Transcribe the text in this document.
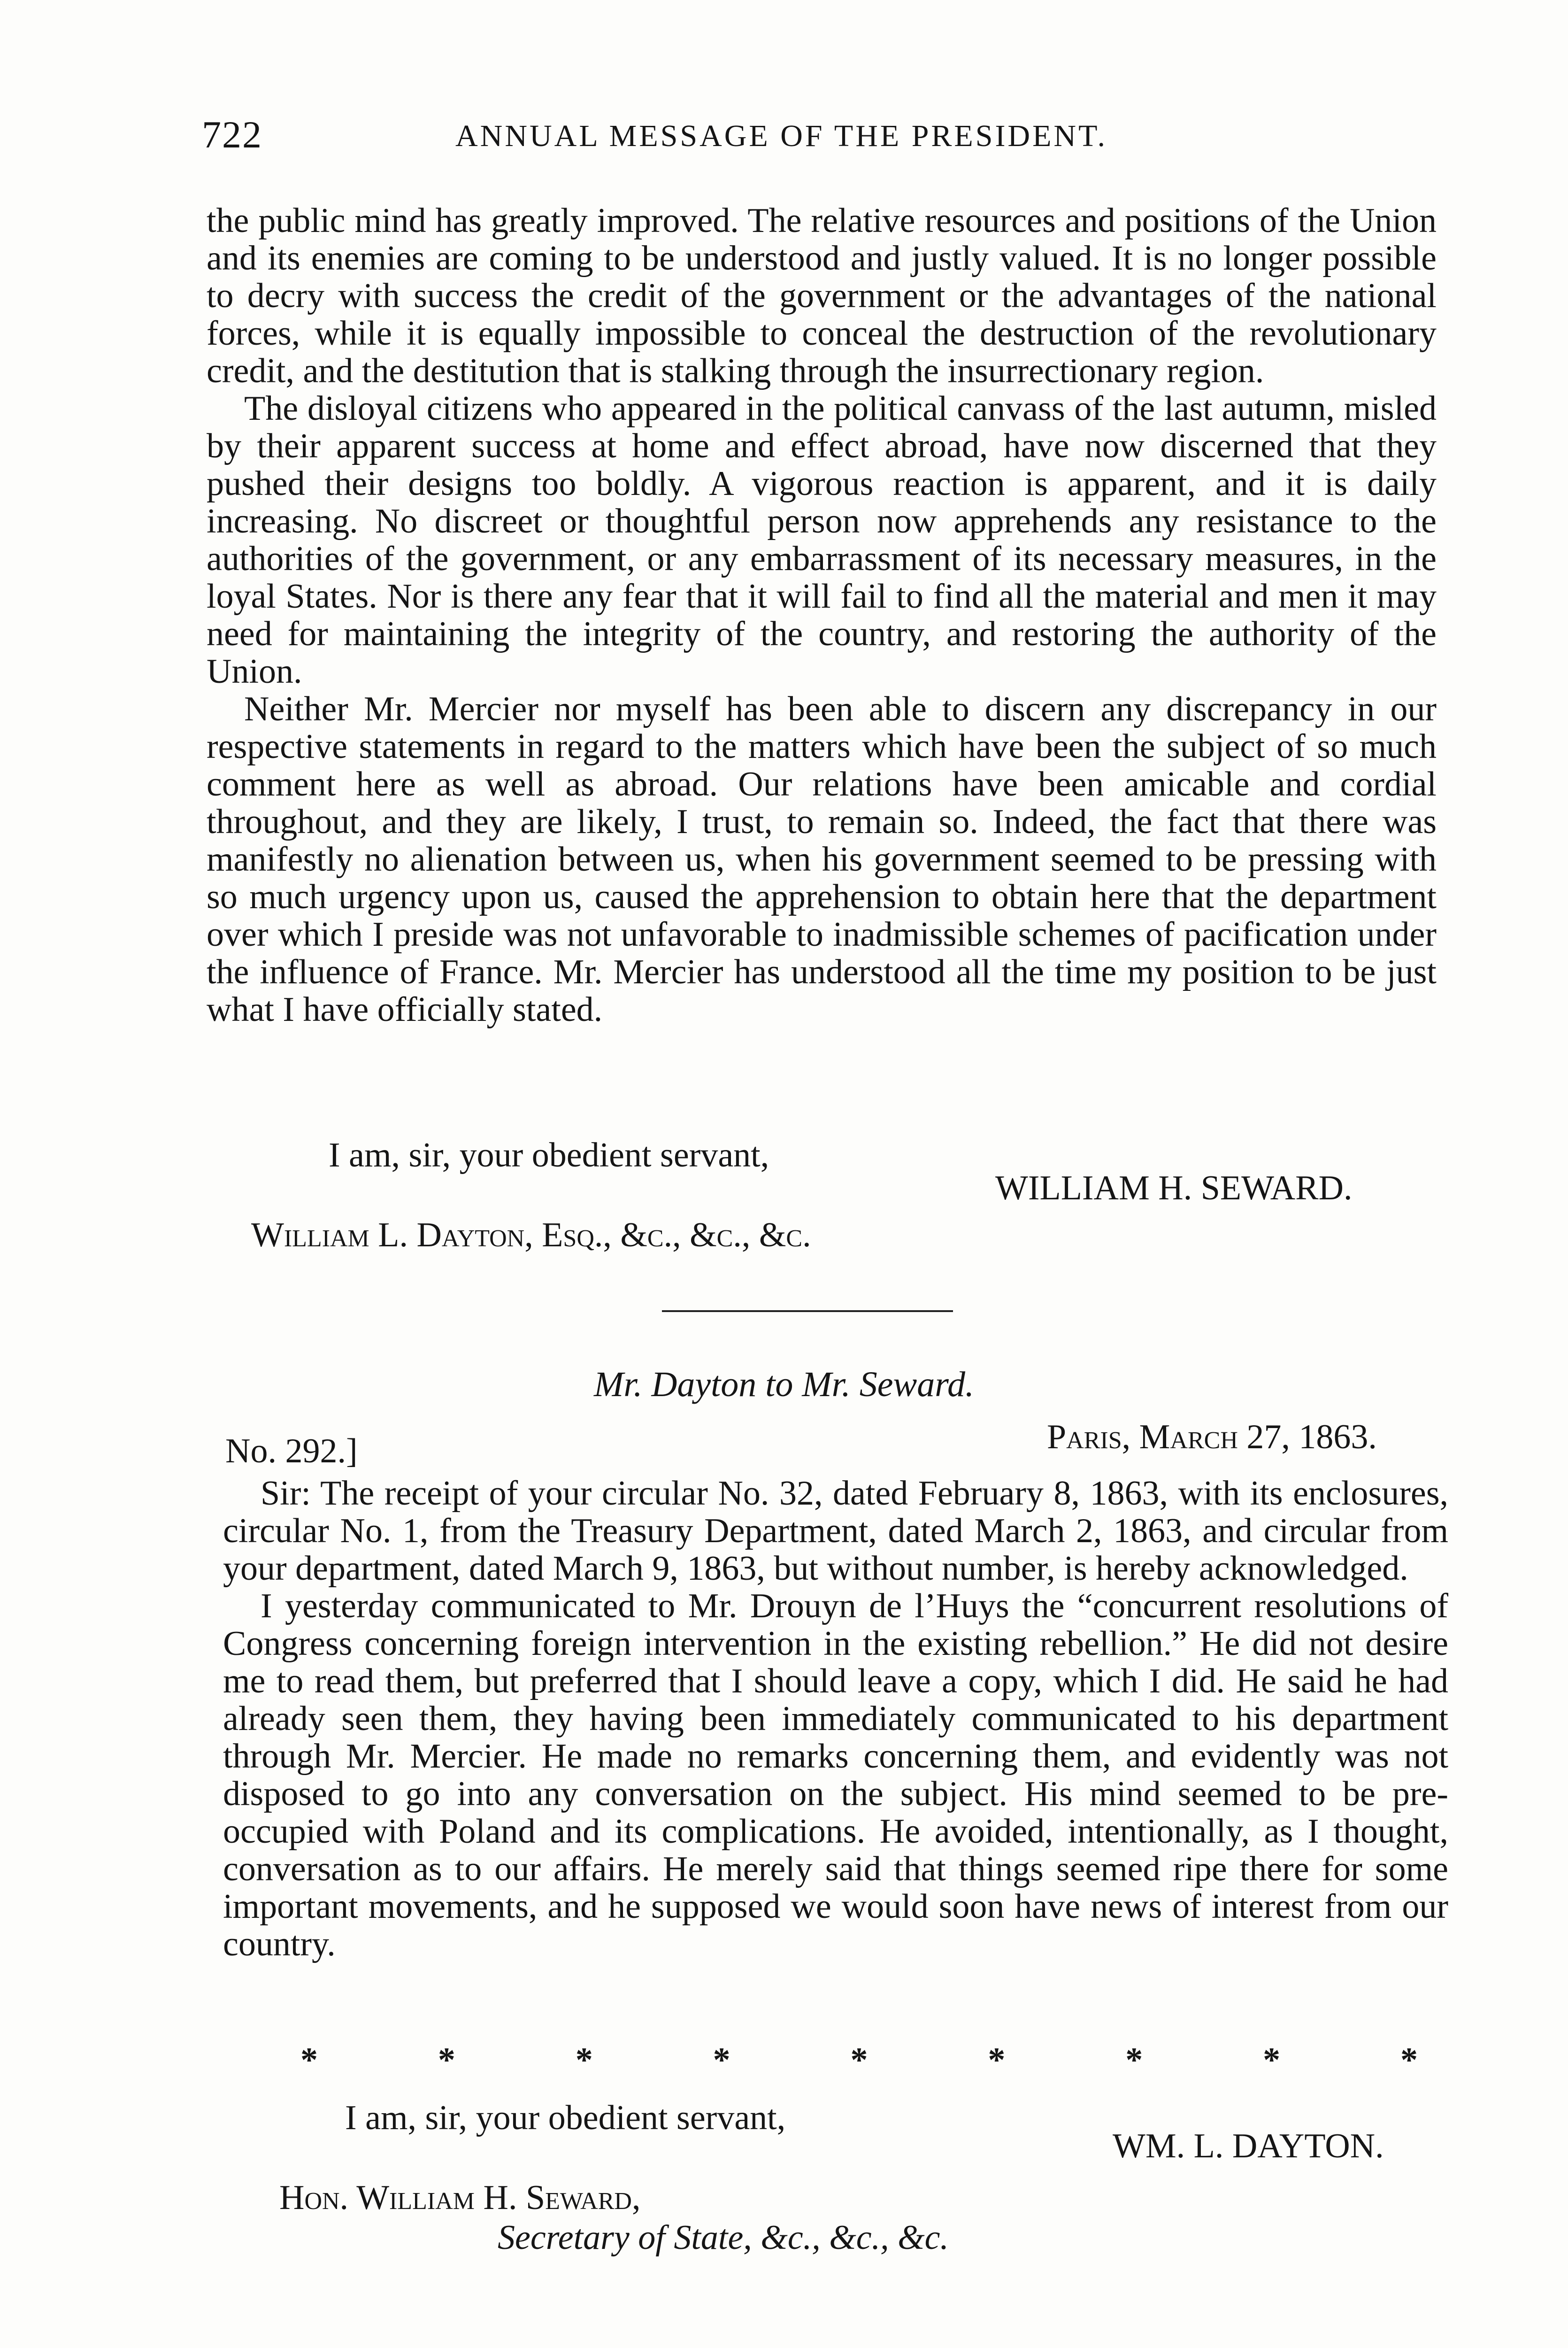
722	ANNUAL MESSAGE OF THE PRESIDENT.

the public mind has greatly improved. The relative resources and positions of the Union and its enemies are coming to be understood and justly valued. It is no longer possible to decry with success the credit of the government or the advantages of the national forces, while it is equally impossible to conceal the destruction of the revolutionary credit, and the destitution that is stalking through the insurrectionary region.

The disloyal citizens who appeared in the political canvass of the last autumn, misled by their apparent success at home and effect abroad, have now discerned that they pushed their designs too boldly. A vigorous reaction is apparent, and it is daily increasing. No discreet or thoughtful person now apprehends any resistance to the authorities of the government, or any embarrassment of its necessary measures, in the loyal States. Nor is there any fear that it will fail to find all the material and men it may need for maintaining the integrity of the country, and restoring the authority of the Union.

Neither Mr. Mercier nor myself has been able to discern any discrepancy in our respective statements in regard to the matters which have been the subject of so much comment here as well as abroad. Our relations have been amicable and cordial throughout, and they are likely, I trust, to remain so. Indeed, the fact that there was manifestly no alienation between us, when his government seemed to be pressing with so much urgency upon us, caused the apprehension to obtain here that the department over which I preside was not unfavorable to inadmissible schemes of pacification under the influence of France. Mr. Mercier has understood all the time my position to be just what I have officially stated.

I am, sir, your obedient servant,
WILLIAM H. SEWARD.
William L. Dayton, Esq., &c., &c., &c.
Mr. Dayton to Mr. Seward.
No. 292.]	Paris, March 27, 1863.

Sir: The receipt of your circular No. 32, dated February 8, 1863, with its enclosures, circular No. 1, from the Treasury Department, dated March 2, 1863, and circular from your department, dated March 9, 1863, but without number, is hereby acknowledged.

I yesterday communicated to Mr. Drouyn de l’Huys the “concurrent resolutions of Congress concerning foreign intervention in the existing rebellion.” He did not desire me to read them, but preferred that I should leave a copy, which I did. He said he had already seen them, they having been immediately communicated to his department through Mr. Mercier. He made no remarks concerning them, and evidently was not disposed to go into any conversation on the subject. His mind seemed to be pre-occupied with Poland and its complications. He avoided, intentionally, as I thought, conversation as to our affairs. He merely said that things seemed ripe there for some important movements, and he supposed we would soon have news of interest from our country.

*	*	*	*	*	*	*	*	*
I am, sir, your obedient servant,
WM. L. DAYTON.
Hon. William H. Seward,
Secretary of State, &c., &c., &c.
